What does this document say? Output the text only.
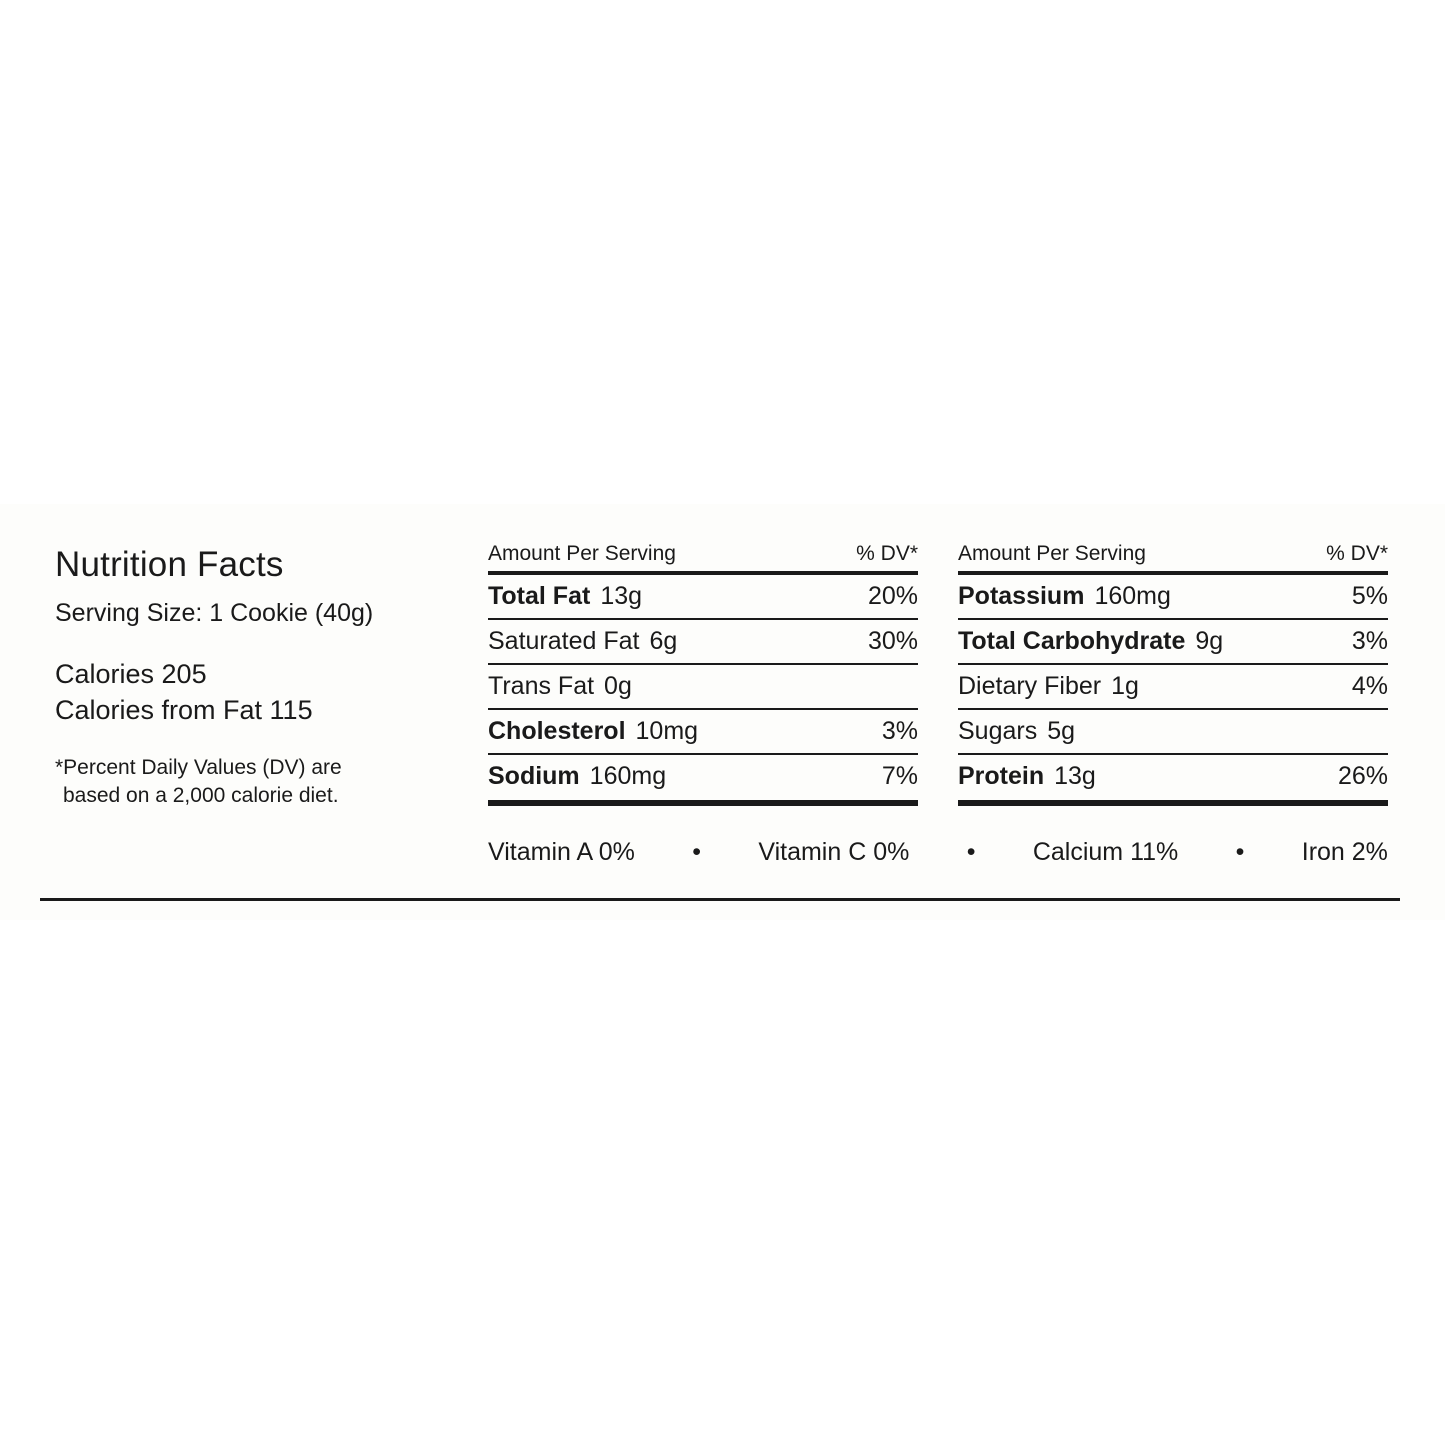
Nutrition Facts
Serving Size: 1 Cookie (40g)
Calories 205
Calories from Fat 115
*Percent Daily Values (DV) are
based on a 2,000 calorie diet.
Amount Per Serving	% DV*
Total Fat 13g	20%
Saturated Fat 6g	30%
Trans Fat 0g	
Cholesterol 10mg	3%
Sodium 160mg	7%
Amount Per Serving	% DV*
Potassium 160mg	5%
Total Carbohydrate 9g	3%
Dietary Fiber 1g	4%
Sugars 5g	
Protein 13g	26%
Vitamin A 0% • Vitamin C 0% • Calcium 11% • Iron 2%
